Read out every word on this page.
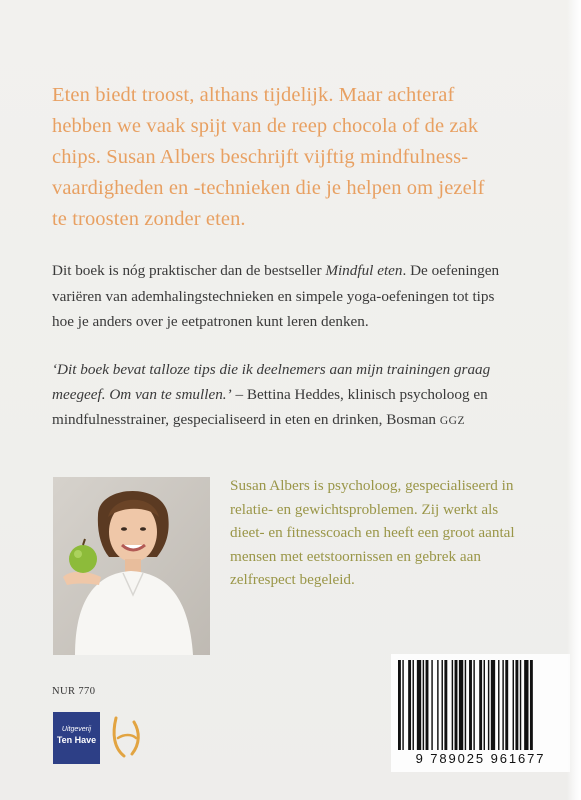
Eten biedt troost, althans tijdelijk. Maar achteraf
hebben we vaak spijt van de reep chocola of de zak
chips. Susan Albers beschrijft vijftig mindfulness-
vaardigheden en -technieken die je helpen om jezelf
te troosten zonder eten.
Dit boek is nóg praktischer dan de bestseller Mindful eten. De oefeningen
variëren van ademhalingstechnieken en simpele yoga-oefeningen tot tips
hoe je anders over je eetpatronen kunt leren denken.
‘Dit boek bevat talloze tips die ik deelnemers aan mijn trainingen graag
meegeef. Om van te smullen.’ – Bettina Heddes, klinisch psycholoog en
mindfulnesstrainer, gespecialiseerd in eten en drinken, Bosman GGZ
Susan Albers is psycholoog, gespecialiseerd in
relatie- en gewichtsproblemen. Zij werkt als
dieet- en fitnesscoach en heeft een groot aantal
mensen met eetstoornissen en gebrek aan
zelfrespect begeleid.
NUR 770
Uitgeverij
Ten Have
9 789025 961677
